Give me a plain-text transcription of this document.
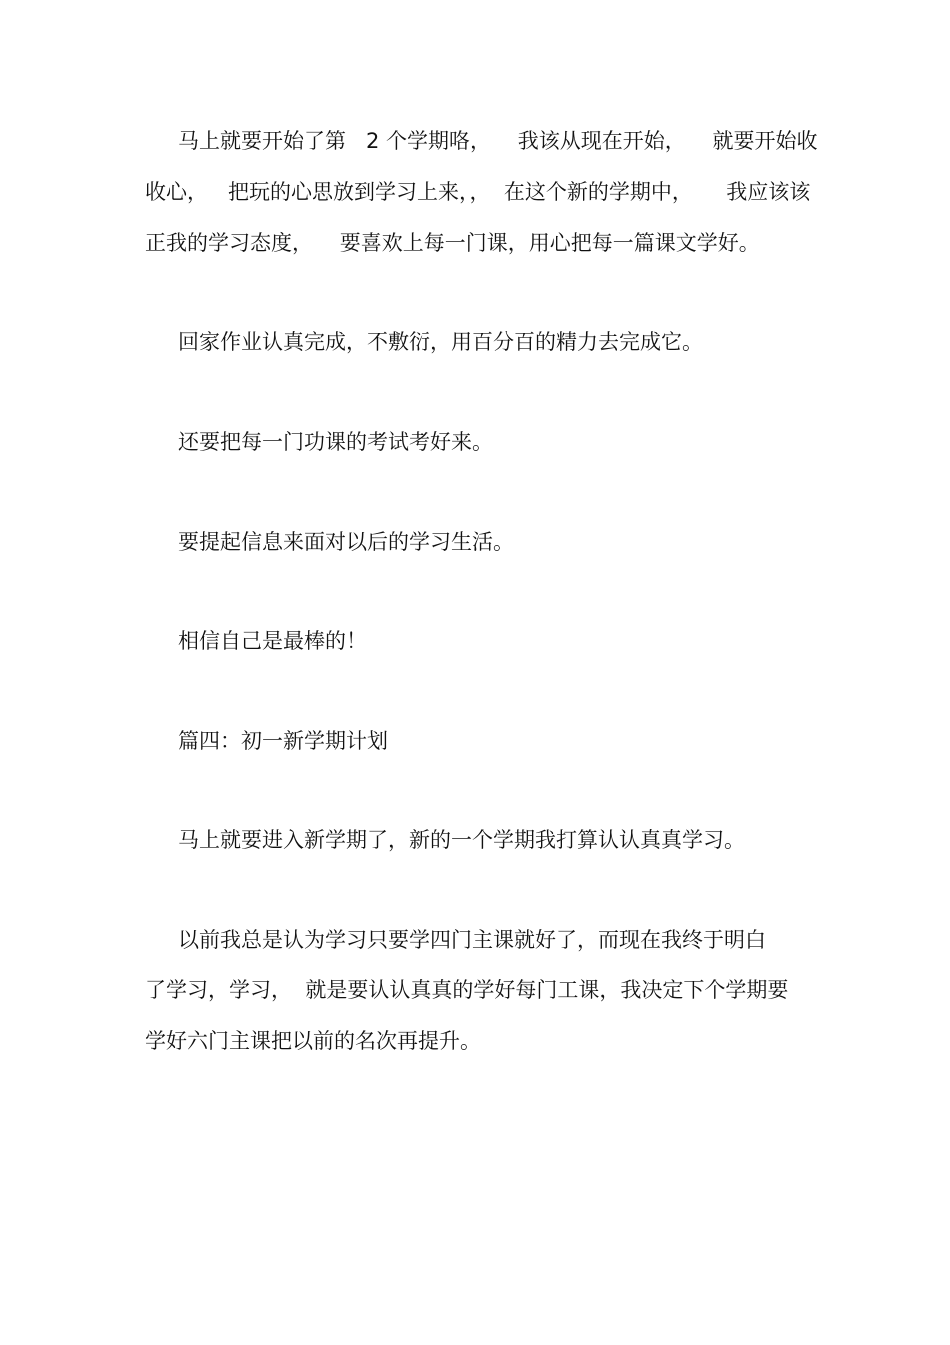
马上就要开始了第   2 个学期咯，    我该从现在开始，    就要开始收
收心，   把玩的心思放到学习上来，，  在这个新的学期中，     我应该该
正我的学习态度，    要喜欢上每一门课，用心把每一篇课文学好。
回家作业认真完成，不敷衍，用百分百的精力去完成它。
还要把每一门功课的考试考好来。
要提起信息来面对以后的学习生活。
相信自己是最棒的！
篇四：初一新学期计划
马上就要进入新学期了，新的一个学期我打算认认真真学习。
以前我总是认为学习只要学四门主课就好了，而现在我终于明白
了学习，学习，  就是要认认真真的学好每门工课，我决定下个学期要
学好六门主课把以前的名次再提升。
